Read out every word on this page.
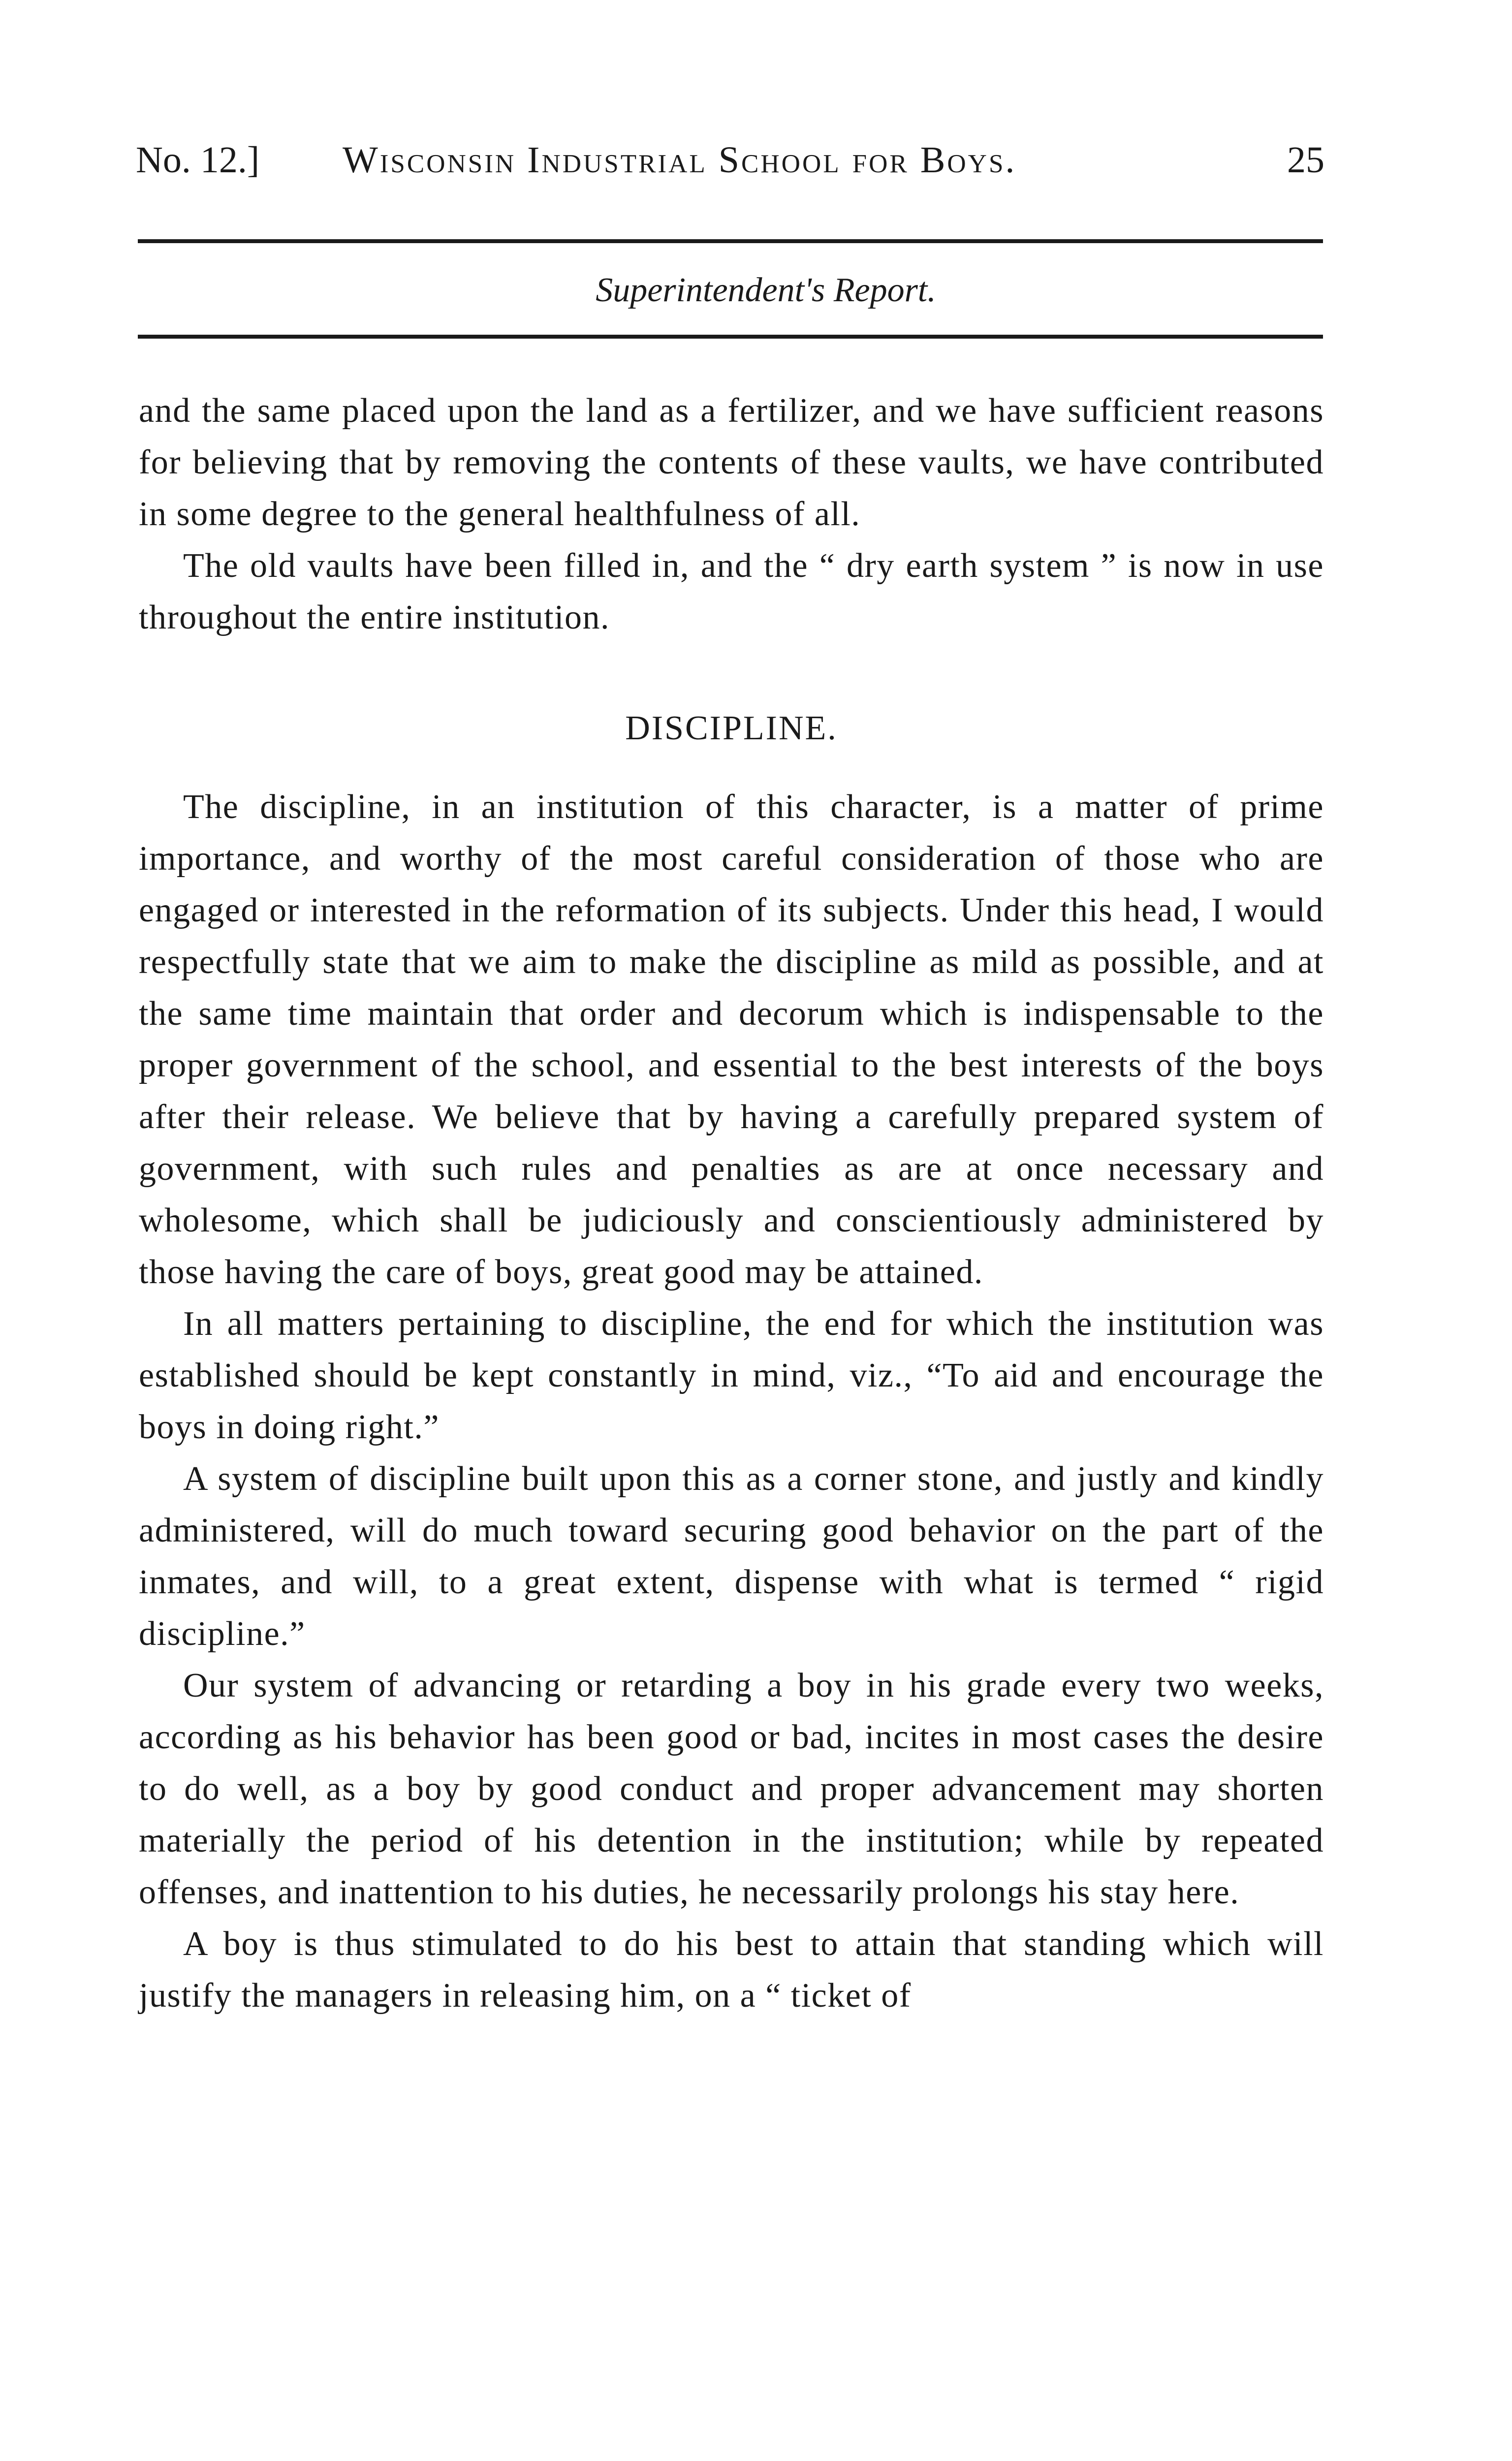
No. 12.] Wisconsin Industrial School for Boys.	25
Superintendent's Report.

and the same placed upon the land as a fertilizer, and we have sufficient reasons for believing that by removing the contents of these vaults, we have contributed in some degree to the general healthfulness of all.

The old vaults have been filled in, and the “ dry earth system ” is now in use throughout the entire institution.

DISCIPLINE.

The discipline, in an institution of this character, is a matter of prime importance, and worthy of the most careful consideration of those who are engaged or interested in the reformation of its subjects. Under this head, I would respectfully state that we aim to make the discipline as mild as possible, and at the same time maintain that order and decorum which is indispensable to the proper government of the school, and essential to the best interests of the boys after their release. We believe that by having a carefully prepared system of government, with such rules and penalties as are at once necessary and wholesome, which shall be judiciously and conscientiously administered by those having the care of boys, great good may be attained.

In all matters pertaining to discipline, the end for which the institution was established should be kept constantly in mind, viz., “To aid and encourage the boys in doing right.”

A system of discipline built upon this as a corner stone, and justly and kindly administered, will do much toward securing good behavior on the part of the inmates, and will, to a great extent, dispense with what is termed “ rigid discipline.”

Our system of advancing or retarding a boy in his grade every two weeks, according as his behavior has been good or bad, incites in most cases the desire to do well, as a boy by good conduct and proper advancement may shorten materially the period of his detention in the institution; while by repeated offenses, and inattention to his duties, he necessarily prolongs his stay here.

A boy is thus stimulated to do his best to attain that standing which will justify the managers in releasing him, on a “ ticket of
